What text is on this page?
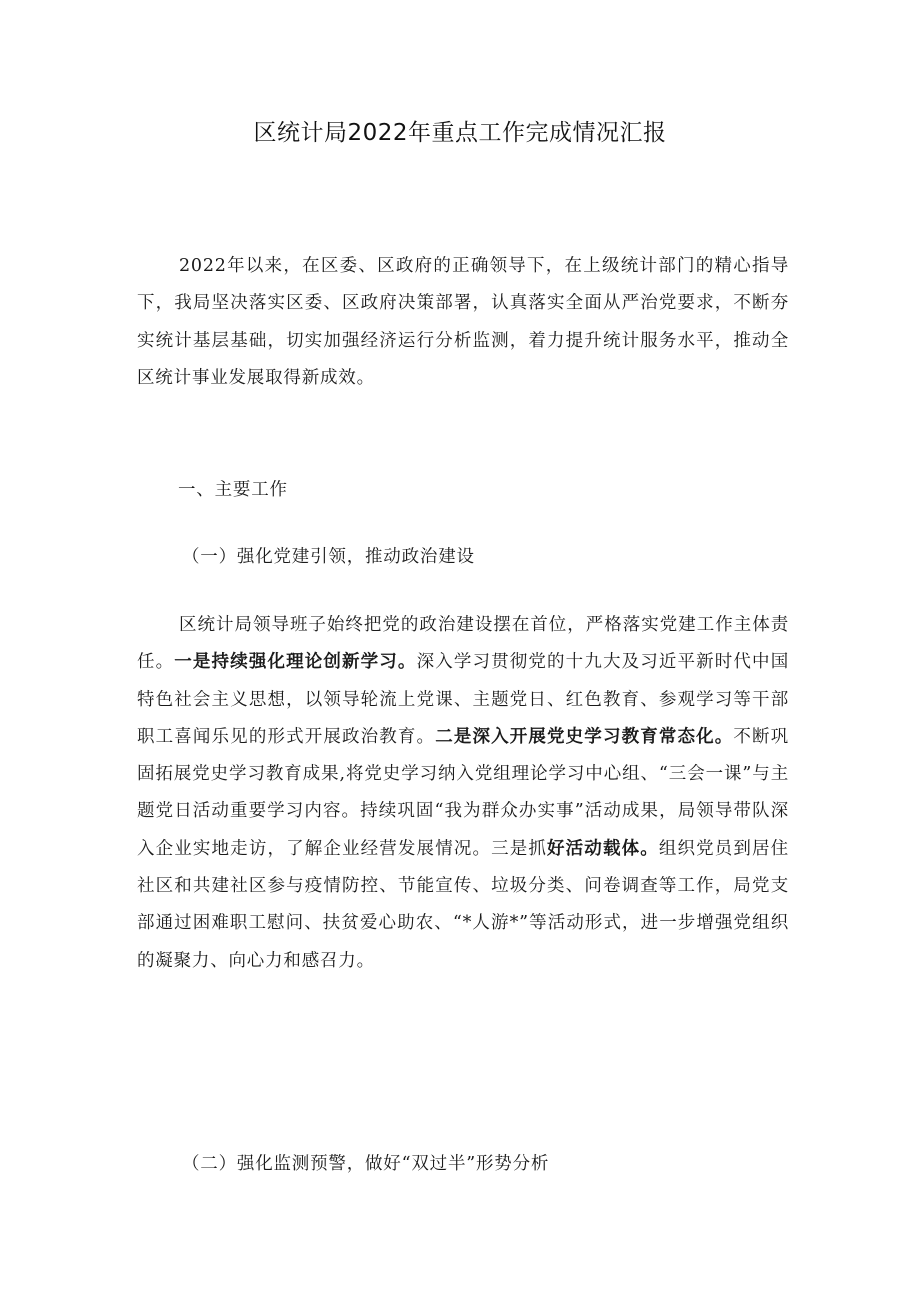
区统计局2022年重点工作完成情况汇报

2022年以来，在区委、区政府的正确领导下，在上级统计部门的精心指导下，我局坚决落实区委、区政府决策部署，认真落实全面从严治党要求，不断夯实统计基层基础，切实加强经济运行分析监测，着力提升统计服务水平，推动全区统计事业发展取得新成效。

一、主要工作

（一）强化党建引领，推动政治建设

区统计局领导班子始终把党的政治建设摆在首位，严格落实党建工作主体责任。一是持续强化理论创新学习。深入学习贯彻党的十九大及习近平新时代中国特色社会主义思想，以领导轮流上党课、主题党日、红色教育、参观学习等干部职工喜闻乐见的形式开展政治教育。二是深入开展党史学习教育常态化。不断巩固拓展党史学习教育成果,将党史学习纳入党组理论学习中心组、“三会一课”与主题党日活动重要学习内容。持续巩固“我为群众办实事”活动成果，局领导带队深入企业实地走访，了解企业经营发展情况。三是抓好活动载体。组织党员到居住社区和共建社区参与疫情防控、节能宣传、垃圾分类、问卷调查等工作，局党支部通过困难职工慰问、扶贫爱心助农、“*人游*”等活动形式，进一步增强党组织的凝聚力、向心力和感召力。

（二）强化监测预警，做好“双过半”形势分析
